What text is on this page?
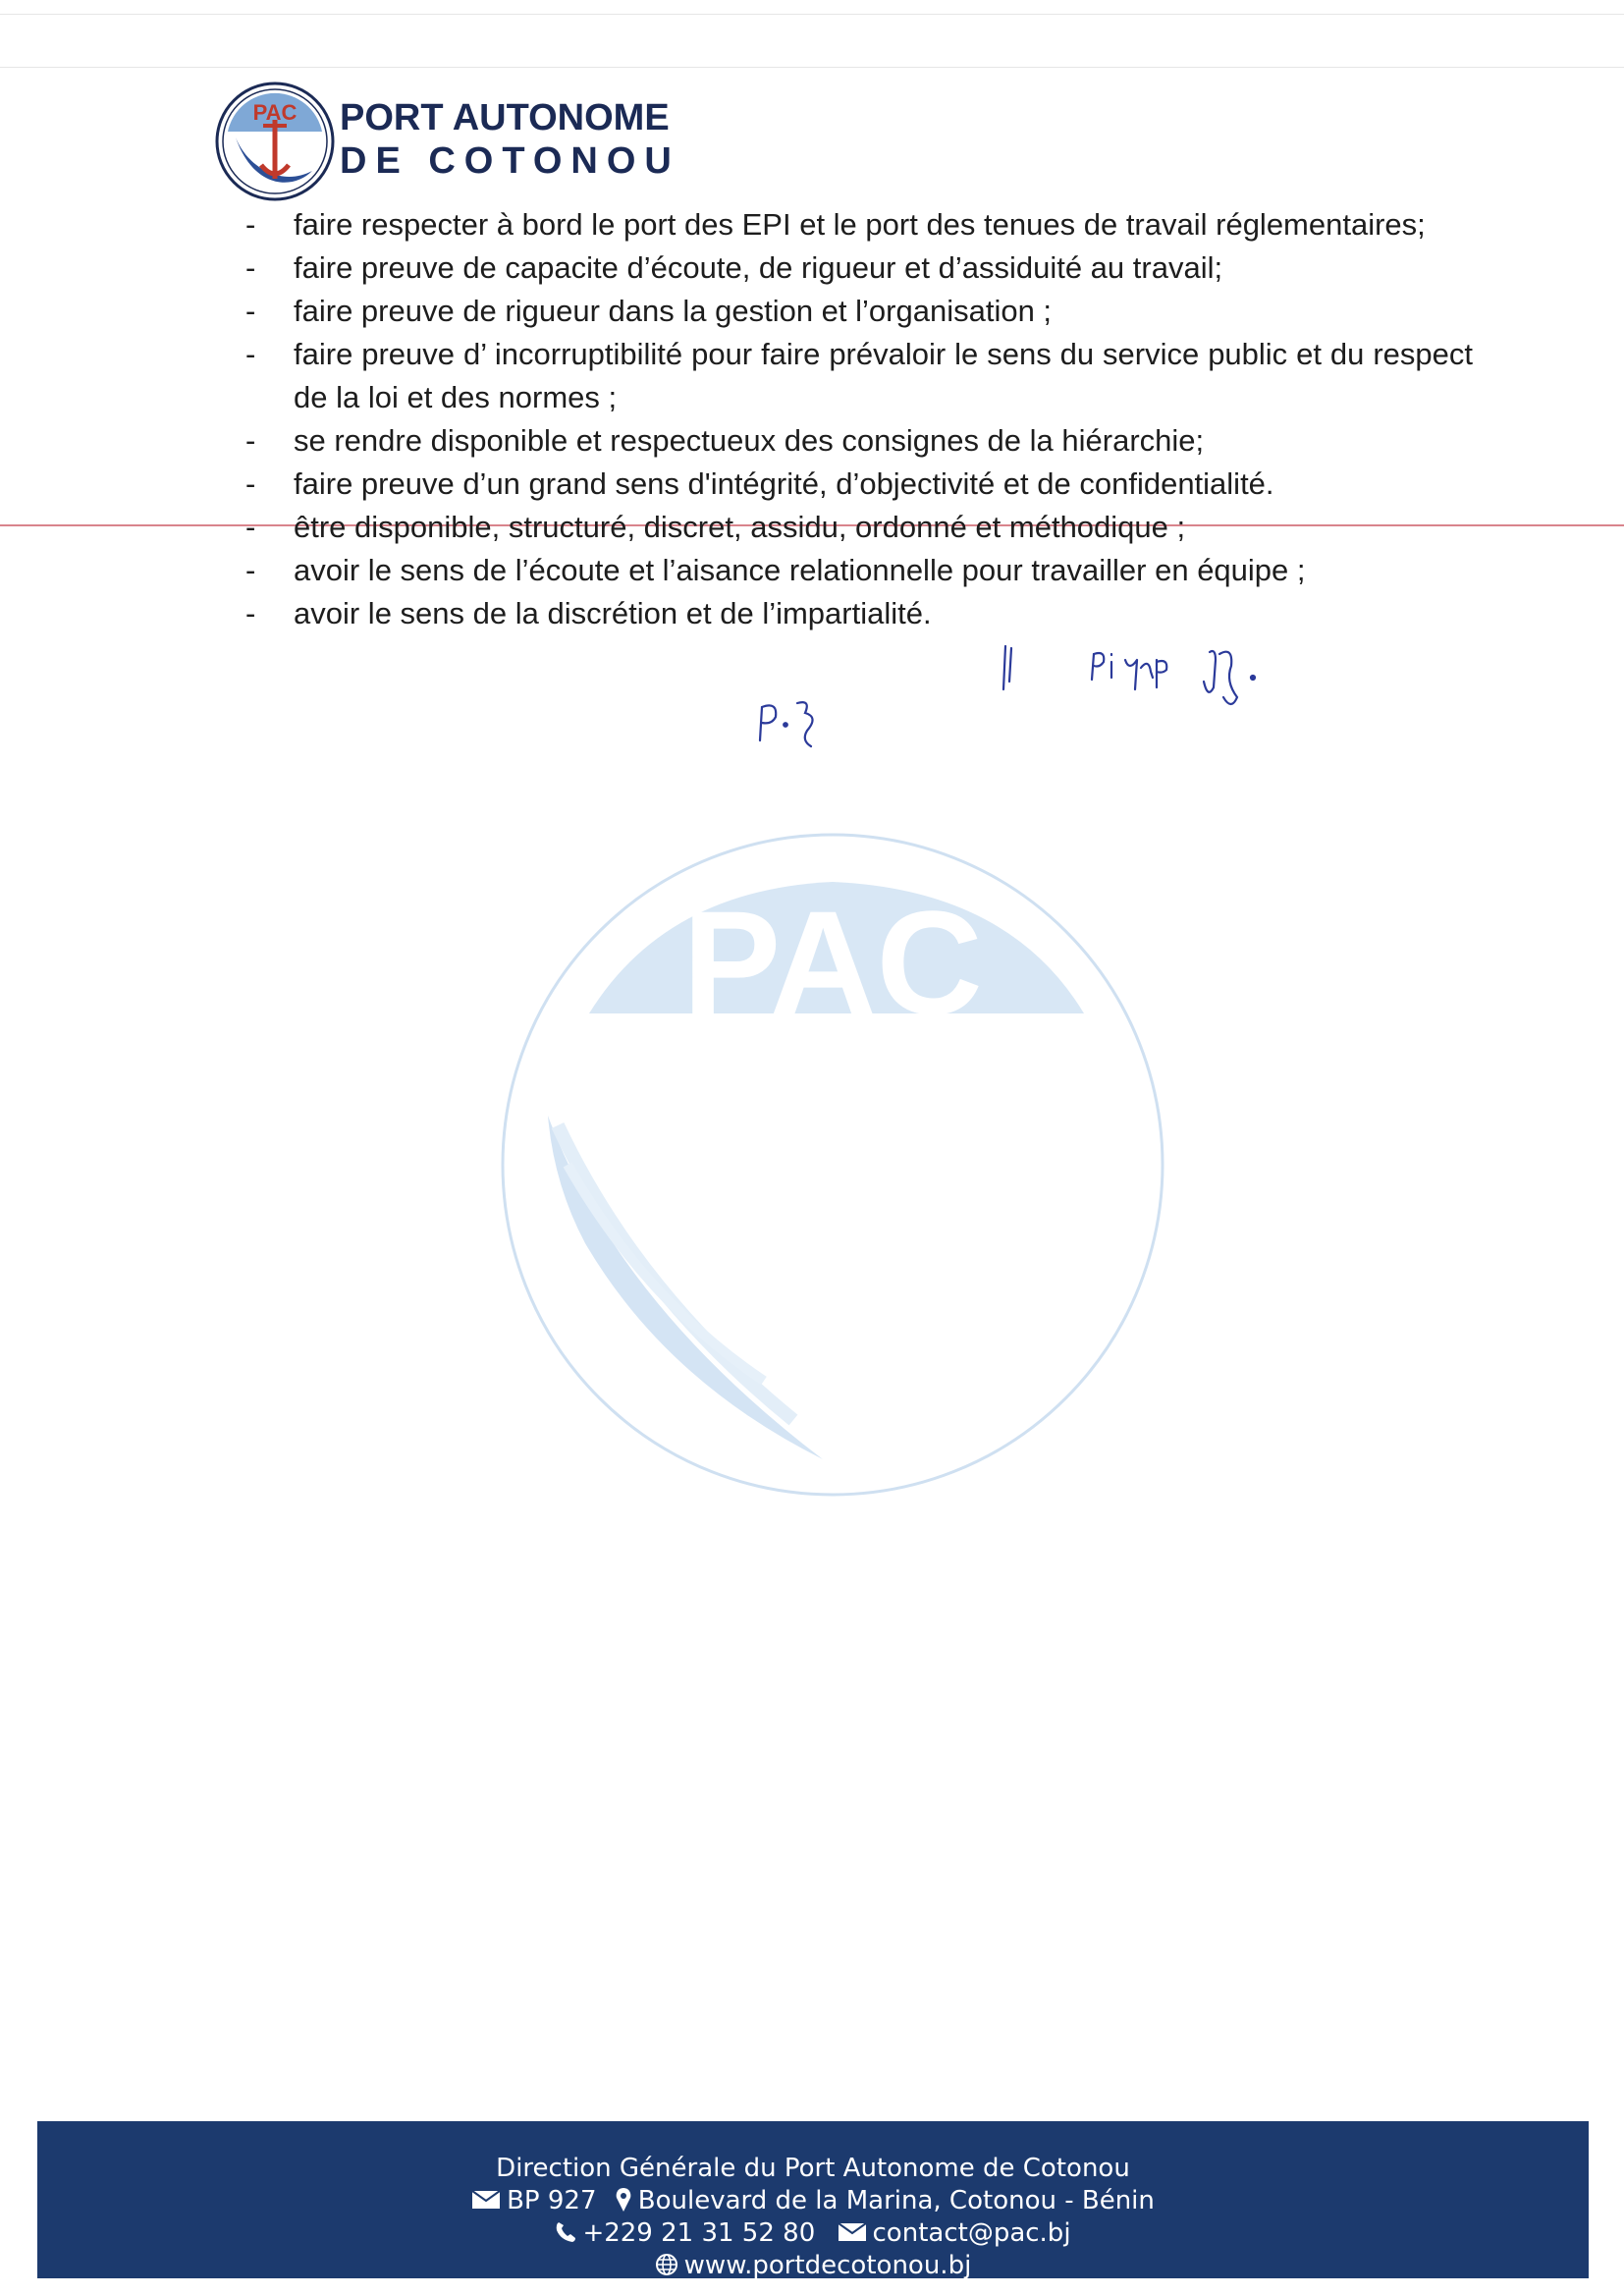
PAC PORT AUTONOME
DE COTONOU
- faire respecter à bord le port des EPI et le port des tenues de travail réglementaires;
- faire preuve de capacite d’écoute, de rigueur et d’assiduité au travail;
- faire preuve de rigueur dans la gestion et l’organisation ;
- faire preuve d’ incorruptibilité pour faire prévaloir le sens du service public et du respect de la loi et des normes ;
- se rendre disponible et respectueux des consignes de la hiérarchie;
- faire preuve d’un grand sens d'intégrité, d’objectivité et de confidentialité.
- être disponible, structuré, discret, assidu, ordonné et méthodique ;
- avoir le sens de l’écoute et l’aisance relationnelle pour travailler en équipe ;
- avoir le sens de la discrétion et de l’impartialité.
PAC
Direction Générale du Port Autonome de Cotonou
BP 927 Boulevard de la Marina, Cotonou - Bénin
+229 21 31 52 80 contact@pac.bj
www.portdecotonou.bj
